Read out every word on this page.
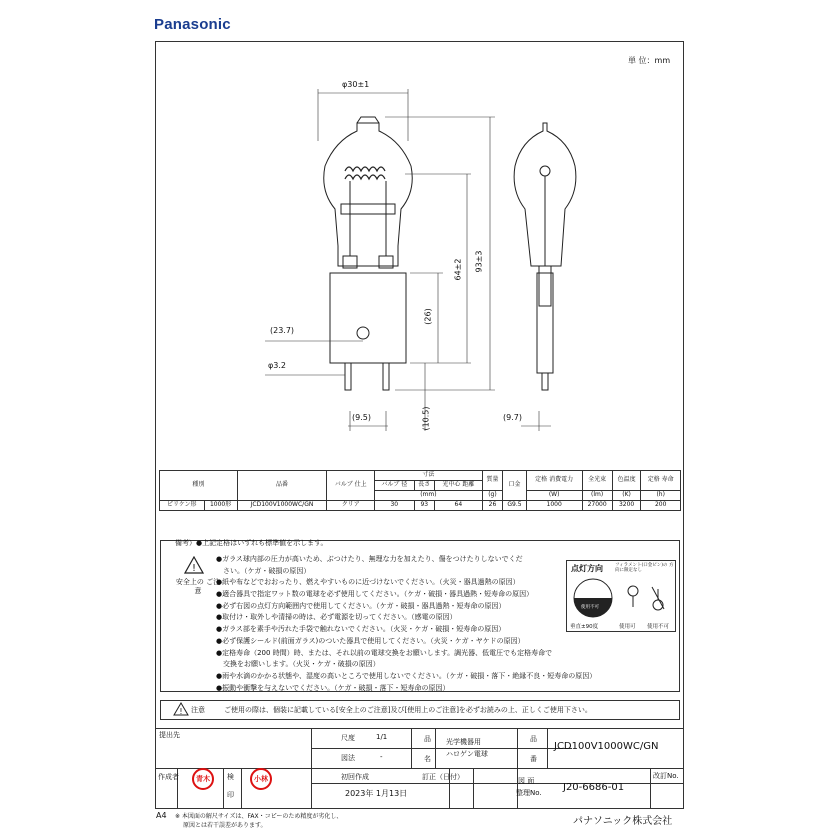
Panasonic
単 位：mm
φ30±1
93±3
64±2
(26)
(23.7)
φ3.2
(9.5)	(10.5)	(9.7)
種別		品番	バルブ 仕上	寸法			質量	口金	定格 消費電力	全光束	色温度	定格 寿命
				バルブ 径	長さ	光中心 距離						
				(mm)			(g)		(W)	(lm)	(K)	(h)
ピリケン形	1000形	JCD100V1000WC/GN	クリア	30	93	64	26	G9.5	1000	27000	3200	200
備考）●上記定格はいずれも標準値を示します。
!
安全上の ご注意
●ガラス球内部の圧力が高いため、ぶつけたり、無理な力を加えたり、傷をつけたりしないでくだ
さい。（ケガ・破損の原因）
●紙や布などでおおったり、燃えやすいものに近づけないでください。（火災・器具過熱の原因）
●適合器具で指定ワット数の電球を必ず使用してください。（ケガ・破損・器具過熱・短寿命の原因）
●必ず右図の点灯方向範囲内で使用してください。（ケガ・破損・器具過熱・短寿命の原因）
●取付け・取外しや清掃の時は、必ず電源を切ってください。（感電の原因）
●ガラス部を素手や汚れた手袋で触れないでください。（火災・ケガ・破損・短寿命の原因）
●必ず保護シールド(前面ガラス)のついた器具で使用してください。（火災・ケガ・ヤケドの原因）
●定格寿命（200 時間）時、または、それ以前の電球交換をお願いします。調光器、低電圧でも定格寿命で
交換をお願いします。（火災・ケガ・破損の原因）
●雨や水滴のかかる状態や、湿度の高いところで使用しないでください。（ケガ・破損・落下・絶縁不良・短寿命の原因）
●振動や衝撃を与えないでください。（ケガ・破損・落下・短寿命の原因）
点灯方向	フィラメント(口金ピン)の 方向に限定なし
使用不可
垂直±90度	使用可 使用不可
! 注意	ご使用の際は、個装に記載している[安全上のご注意]及び[使用上のご注意]を必ずお読みの上、正しくご使用下さい。
提出先	尺度	1/1
図法	-
品
名
光学機器用
ハロゲン電球
品
番
JCD100V1000WC/GN
作成者	青木	検
印
小林	初回作成
2023年 1月13日
訂正（日付）	図 面
整理No. J20-6686-01
改訂No.
A4 ※ 本図面の解尺サイズは、FAX・コピーのため精度が劣化し、
原図とは若干誤差があります。	パナソニック株式会社
